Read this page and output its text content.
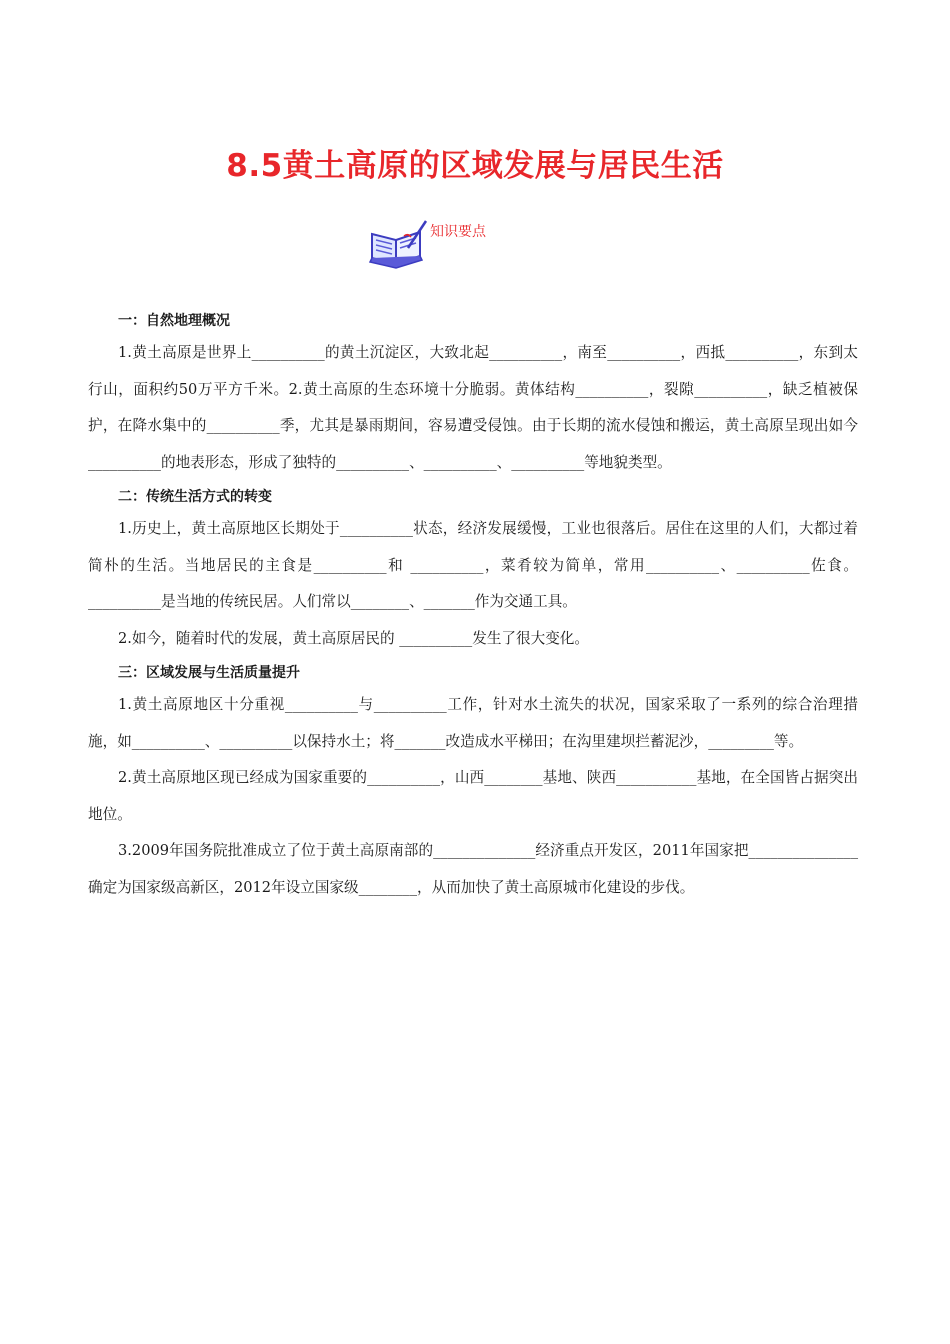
8.5黄土高原的区域发展与居民生活
知识要点
一：自然地理概况

1.黄土高原是世界上__________的黄土沉淀区，大致北起__________，南至__________，西抵__________，东到太行山，面积约50万平方千米。2.黄土高原的生态环境十分脆弱。黄体结构__________，裂隙__________，缺乏植被保护，在降水集中的__________季，尤其是暴雨期间，容易遭受侵蚀。由于长期的流水侵蚀和搬运，黄土高原呈现出如今__________的地表形态，形成了独特的__________、__________、__________等地貌类型。

二：传统生活方式的转变

1.历史上，黄土高原地区长期处于__________状态，经济发展缓慢，工业也很落后。居住在这里的人们，大都过着简朴的生活。当地居民的主食是__________和 __________，菜肴较为简单，常用__________、__________佐食。__________是当地的传统民居。人们常以________、_______作为交通工具。

2.如今，随着时代的发展，黄土高原居民的 __________发生了很大变化。

三：区域发展与生活质量提升

1.黄土高原地区十分重视__________与__________工作，针对水土流失的状况，国家采取了一系列的综合治理措施，如__________、__________以保持水土；将_______改造成水平梯田；在沟里建坝拦蓄泥沙，_________等。

2.黄土高原地区现已经成为国家重要的__________，山西________基地、陕西___________基地，在全国皆占据突出地位。

3.2009年国务院批准成立了位于黄土高原南部的______________经济重点开发区，2011年国家把_______________确定为国家级高新区，2012年设立国家级________，从而加快了黄土高原城市化建设的步伐。
